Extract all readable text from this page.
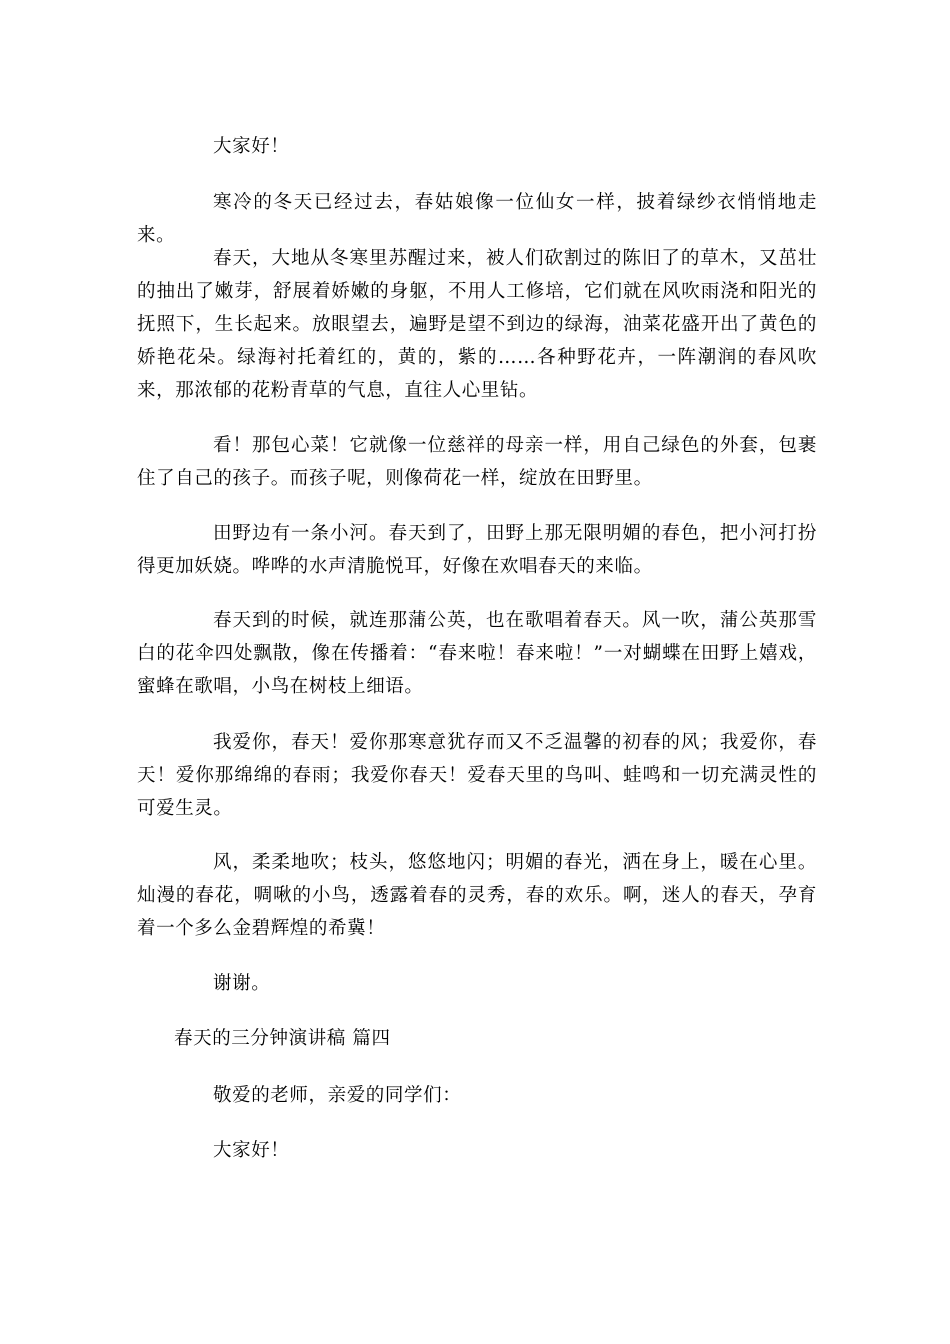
大家好！

寒冷的冬天已经过去，春姑娘像一位仙女一样，披着绿纱衣悄悄地走来。

春天，大地从冬寒里苏醒过来，被人们砍割过的陈旧了的草木，又茁壮的抽出了嫩芽，舒展着娇嫩的身躯，不用人工修培，它们就在风吹雨浇和阳光的抚照下，生长起来。放眼望去，遍野是望不到边的绿海，油菜花盛开出了黄色的娇艳花朵。绿海衬托着红的，黄的，紫的……各种野花卉，一阵潮润的春风吹来，那浓郁的花粉青草的气息，直往人心里钻。

看！那包心菜！它就像一位慈祥的母亲一样，用自己绿色的外套，包裹住了自己的孩子。而孩子呢，则像荷花一样，绽放在田野里。

田野边有一条小河。春天到了，田野上那无限明媚的春色，把小河打扮得更加妖娆。哗哗的水声清脆悦耳，好像在欢唱春天的来临。

春天到的时候，就连那蒲公英，也在歌唱着春天。风一吹，蒲公英那雪白的花伞四处飘散，像在传播着：“春来啦！春来啦！”一对蝴蝶在田野上嬉戏，蜜蜂在歌唱，小鸟在树枝上细语。

我爱你，春天！爱你那寒意犹存而又不乏温馨的初春的风；我爱你，春天！爱你那绵绵的春雨；我爱你春天！爱春天里的鸟叫、蛙鸣和一切充满灵性的可爱生灵。

风，柔柔地吹；枝头，悠悠地闪；明媚的春光，洒在身上，暖在心里。灿漫的春花，啁啾的小鸟，透露着春的灵秀，春的欢乐。啊，迷人的春天，孕育着一个多么金碧辉煌的希冀！

谢谢。

春天的三分钟演讲稿 篇四

敬爱的老师，亲爱的同学们：

大家好！
